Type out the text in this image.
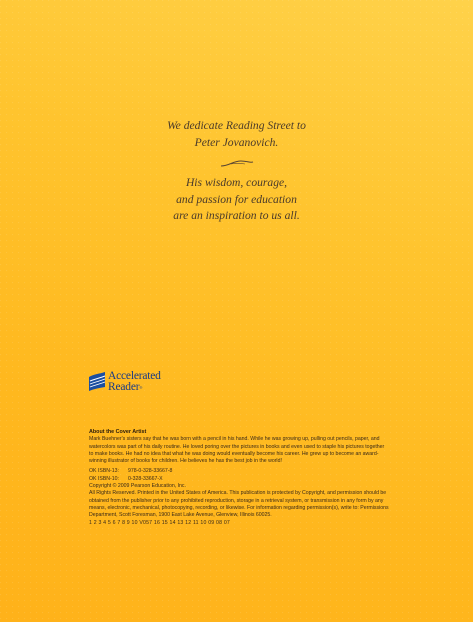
We dedicate Reading Street to
Peter Jovanovich.
His wisdom, courage,
and passion for education
are an inspiration to us all.
Accelerated
Reader®
About the Cover Artist

Mark Buehner's sisters say that he was born with a pencil in his hand. While he was growing up, pulling out pencils, paper, and watercolors was part of his daily routine. He loved poring over the pictures in books and even used to staple his pictures together to make books. He had no idea that what he was doing would eventually become his career. He grew up to become an award-winning illustrator of books for children. He believes he has the best job in the world!

OK ISBN-13: 978-0-328-33667-8
OK ISBN-10: 0-328-33667-X

Copyright © 2009 Pearson Education, Inc.

All Rights Reserved. Printed in the United States of America. This publication is protected by Copyright, and permission should be obtained from the publisher prior to any prohibited reproduction, storage in a retrieval system, or transmission in any form by any means, electronic, mechanical, photocopying, recording, or likewise. For information regarding permission(s), write to: Permissions Department, Scott Foresman, 1900 East Lake Avenue, Glenview, Illinois 60025.

1 2 3 4 5 6 7 8 9 10 V057 16 15 14 13 12 11 10 09 08 07
